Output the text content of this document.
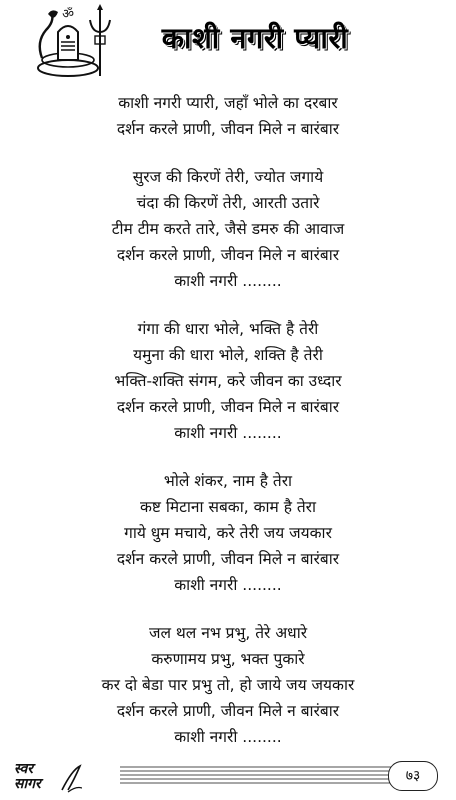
ॐ
काशी नगरी प्यारी
काशी नगरी प्यारी, जहाँ भोले का दरबार
दर्शन करले प्राणी, जीवन मिले न बारंबार
सुरज की किरणें तेरी, ज्योत जगाये
चंदा की किरणें तेरी, आरती उतारे
टीम टीम करते तारे, जैसे डमरु की आवाज
दर्शन करले प्राणी, जीवन मिले न बारंबार
काशी नगरी ........
गंगा की धारा भोले, भक्ति है तेरी
यमुना की धारा भोले, शक्ति है तेरी
भक्ति-शक्ति संगम, करे जीवन का उध्दार
दर्शन करले प्राणी, जीवन मिले न बारंबार
काशी नगरी ........
भोले शंकर, नाम है तेरा
कष्ट मिटाना सबका, काम है तेरा
गाये धुम मचाये, करे तेरी जय जयकार
दर्शन करले प्राणी, जीवन मिले न बारंबार
काशी नगरी ........
जल थल नभ प्रभु, तेरे अधारे
करुणामय प्रभु, भक्त पुकारे
कर दो बेडा पार प्रभु तो, हो जाये जय जयकार
दर्शन करले प्राणी, जीवन मिले न बारंबार
काशी नगरी ........
स्वर
सागर	७३
